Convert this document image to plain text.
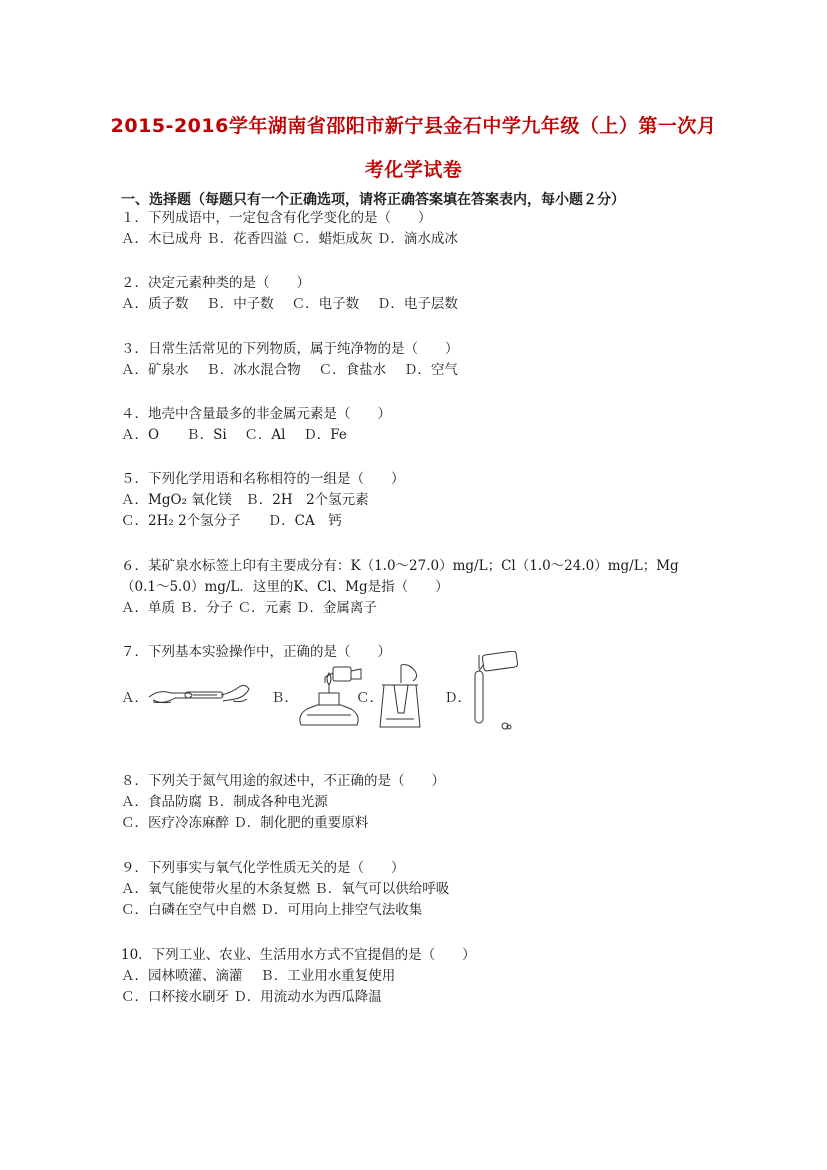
2015-2016学年湖南省邵阳市新宁县金石中学九年级（上）第一次月
考化学试卷
一、选择题（每题只有一个正确选项，请将正确答案填在答案表内，每小题２分）
１．下列成语中，一定包含有化学变化的是（　　）
Ａ．木已成舟 Ｂ．花香四溢 Ｃ．蜡炬成灰 Ｄ．滴水成冰
２．决定元素种类的是（　　）
Ａ．质子数　 Ｂ．中子数　 Ｃ．电子数　 Ｄ．电子层数
３．日常生活常见的下列物质，属于纯净物的是（　　）
Ａ．矿泉水　 Ｂ．冰水混合物　 Ｃ．食盐水　 Ｄ．空气
４．地壳中含量最多的非金属元素是（　　）
Ａ．O　　Ｂ．Si　 Ｃ．Al　 Ｄ．Fe
５．下列化学用语和名称相符的一组是（　　）
Ａ．MgO₂ 氧化镁　Ｂ．2H　2个氢元素
Ｃ．2H₂ 2个氢分子　　Ｄ．CA　钙
６．某矿泉水标签上印有主要成分有：K（1.0～27.0）mg/L；Cl（1.0～24.0）mg/L；Mg
（0.1～5.0）mg/L．这里的K、Cl、Mg是指（　　）
Ａ．单质 Ｂ．分子 Ｃ．元素 Ｄ．金属离子
７．下列基本实验操作中，正确的是（　　）
Ａ．	Ｂ．	Ｃ．	Ｄ．
８．下列关于氮气用途的叙述中，不正确的是（　　）
Ａ．食品防腐 Ｂ．制成各种电光源
Ｃ．医疗冷冻麻醉 Ｄ．制化肥的重要原料
９．下列事实与氧气化学性质无关的是（　　）
Ａ．氧气能使带火星的木条复燃 Ｂ．氧气可以供给呼吸
Ｃ．白磷在空气中自燃 Ｄ．可用向上排空气法收集
10．下列工业、农业、生活用水方式不宜提倡的是（　　）
Ａ．园林喷灌、滴灌　 Ｂ．工业用水重复使用
Ｃ．口杯接水刷牙 Ｄ．用流动水为西瓜降温
